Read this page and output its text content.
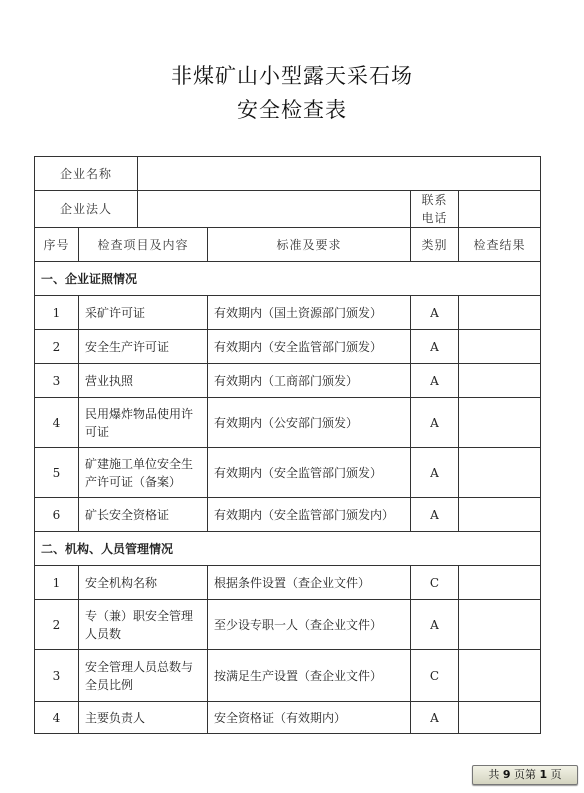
非煤矿山小型露天采石场
安全检查表
企业名称					
企业法人				联系电话	
序号	检查项目及内容		标准及要求	类别	检查结果
一、企业证照情况					
1	采矿许可证		有效期内（国土资源部门颁发）	A	
2	安全生产许可证		有效期内（安全监管部门颁发）	A	
3	营业执照		有效期内（工商部门颁发）	A	
4	民用爆炸物品使用许可证		有效期内（公安部门颁发）	A	
5	矿建施工单位安全生产许可证（备案）		有效期内（安全监管部门颁发）	A	
6	矿长安全资格证		有效期内（安全监管部门颁发内）	A	
二、机构、人员管理情况					
1	安全机构名称		根据条件设置（查企业文件）	C	
2	专（兼）职安全管理人员数		至少设专职一人（查企业文件）	A	
3	安全管理人员总数与全员比例		按满足生产设置（查企业文件）	C	
4	主要负责人		安全资格证（有效期内）	A	
共 9 页第 1 页
